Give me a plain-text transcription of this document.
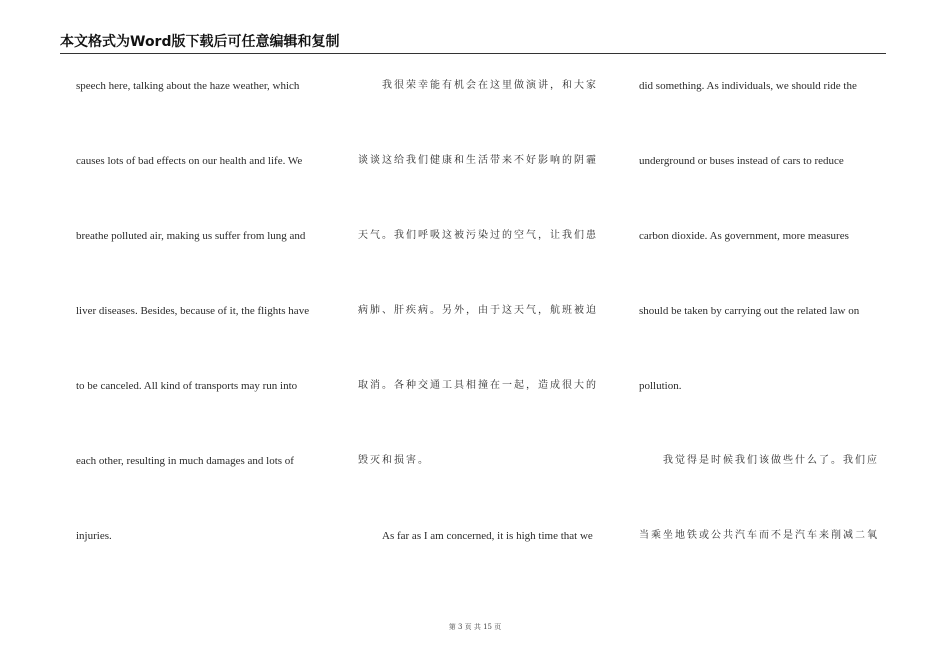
本文格式为Word版下载后可任意编辑和复制
speech here, talking about the haze weather, which
causes lots of bad effects on our health and life. We
breathe polluted air, making us suffer from lung and
liver diseases. Besides, because of it, the flights have
to be canceled. All kind of transports may run into
each other, resulting in much damages and lots of
injuries.
我很荣幸能有机会在这里做演讲，和大家
谈谈这给我们健康和生活带来不好影响的阴霾
天气。我们呼吸这被污染过的空气，让我们患
病肺、肝疾病。另外，由于这天气，航班被迫
取消。各种交通工具相撞在一起，造成很大的
毁灭和损害。
As far as I am concerned, it is high time that we
did something. As individuals, we should ride the
underground or buses instead of cars to reduce
carbon dioxide. As government, more measures
should be taken by carrying out the related law on
pollution.
我觉得是时候我们该做些什么了。我们应
当乘坐地铁或公共汽车而不是汽车来削减二氧
第 3 页 共 15 页
